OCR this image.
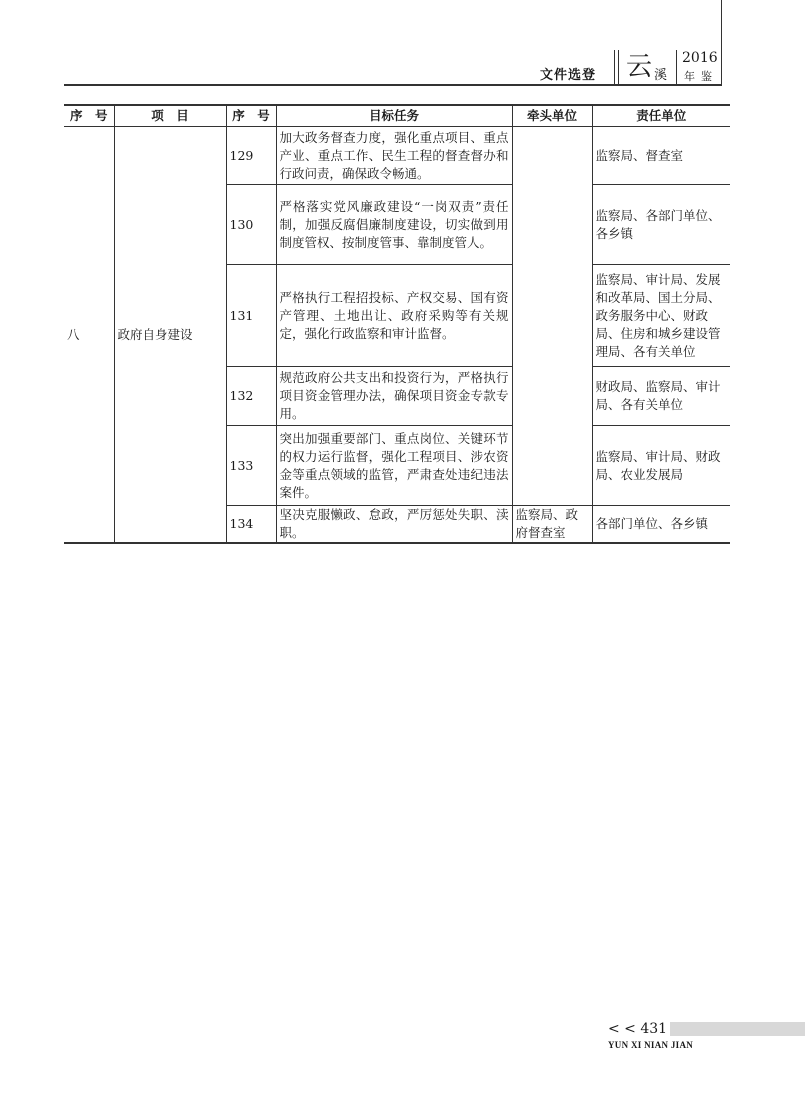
文件选登 云 溪
2016
年鉴
序　号	项　目	序　号	目标任务	牵头单位	责任单位
八	政府自身建设	129	加大政务督查力度，强化重点项目、重点产业、重点工作、民生工程的督查督办和行政问责，确保政令畅通。		监察局、督查室
		130	严格落实党风廉政建设“一岗双责”责任制，加强反腐倡廉制度建设，切实做到用制度管权、按制度管事、靠制度管人。		监察局、各部门单位、各乡镇
		131	严格执行工程招投标、产权交易、国有资产管理、土地出让、政府采购等有关规定，强化行政监察和审计监督。		监察局、审计局、发展和改革局、国土分局、政务服务中心、财政局、住房和城乡建设管理局、各有关单位
		132	规范政府公共支出和投资行为，严格执行项目资金管理办法，确保项目资金专款专用。		财政局、监察局、审计局、各有关单位
		133	突出加强重要部门、重点岗位、关键环节的权力运行监督，强化工程项目、涉农资金等重点领域的监管，严肃查处违纪违法案件。		监察局、审计局、财政局、农业发展局
		134	坚决克服懒政、怠政，严厉惩处失职、渎职。	监察局、政府督查室	各部门单位、各乡镇
< < 431
YUN XI NIAN JIAN
